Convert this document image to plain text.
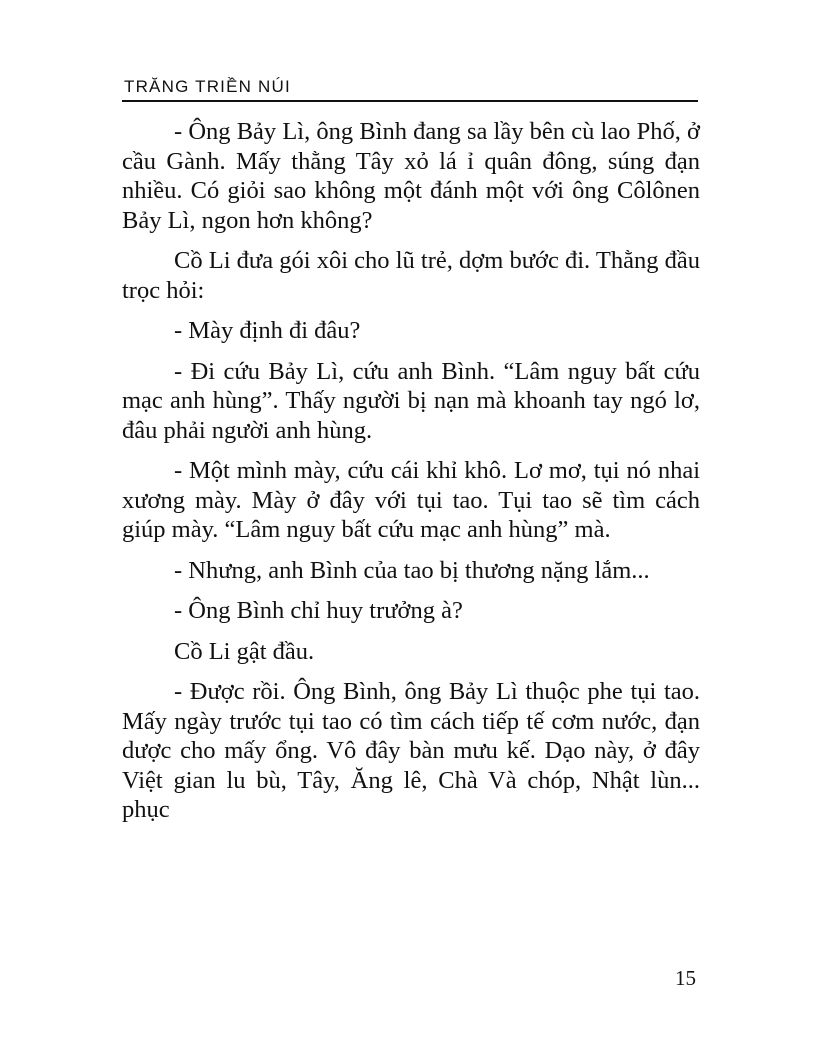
TRĂNG TRIỀN NÚI

- Ông Bảy Lì, ông Bình đang sa lầy bên cù lao Phố, ở cầu Gành. Mấy thằng Tây xỏ lá ỉ quân đông, súng đạn nhiều. Có giỏi sao không một đánh một với ông Côlônen Bảy Lì, ngon hơn không?

Cồ Li đưa gói xôi cho lũ trẻ, dợm bước đi. Thằng đầu trọc hỏi:

- Mày định đi đâu?

- Đi cứu Bảy Lì, cứu anh Bình. “Lâm nguy bất cứu mạc anh hùng”. Thấy người bị nạn mà khoanh tay ngó lơ, đâu phải người anh hùng.

- Một mình mày, cứu cái khỉ khô. Lơ mơ, tụi nó nhai xương mày. Mày ở đây với tụi tao. Tụi tao sẽ tìm cách giúp mày. “Lâm nguy bất cứu mạc anh hùng” mà.

- Nhưng, anh Bình của tao bị thương nặng lắm...

- Ông Bình chỉ huy trưởng à?

Cồ Li gật đầu.

- Được rồi. Ông Bình, ông Bảy Lì thuộc phe tụi tao. Mấy ngày trước tụi tao có tìm cách tiếp tế cơm nước, đạn dược cho mấy ổng. Vô đây bàn mưu kế. Dạo này, ở đây Việt gian lu bù, Tây, Ăng lê, Chà Và chóp, Nhật lùn... phục

15
